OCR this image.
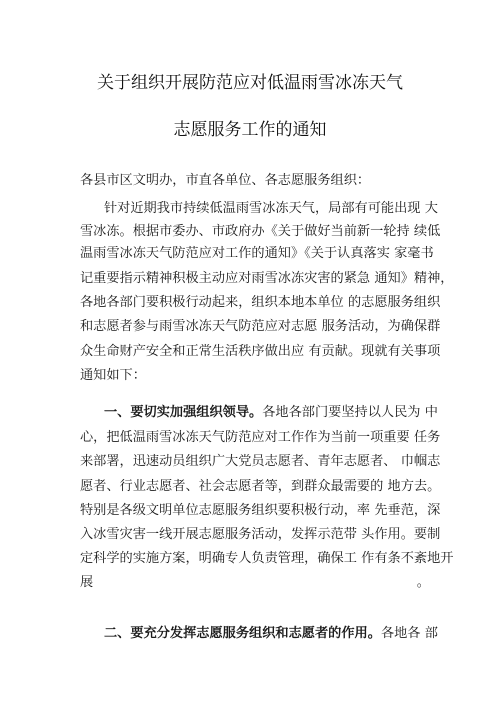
关于组织开展防范应对低温雨雪冰冻天气
志愿服务工作的通知
各县市区文明办，市直各单位、各志愿服务组织：
针对近期我市持续低温雨雪冰冻天气，局部有可能出现 大
雪冰冻。根据市委办、市政府办《关于做好当前新一轮持 续低
温雨雪冰冻天气防范应对工作的通知》《关于认真落实 家毫书
记重要指示精神积极主动应对雨雪冰冻灾害的紧急 通知》精神，
各地各部门要积极行动起来，组织本地本单位 的志愿服务组织
和志愿者参与雨雪冰冻天气防范应对志愿 服务活动，为确保群
众生命财产安全和正常生活秩序做出应 有贡献。现就有关事项
通知如下：
一、要切实加强组织领导。各地各部门要坚持以人民为 中
心，把低温雨雪冰冻天气防范应对工作作为当前一项重要 任务
来部署，迅速动员组织广大党员志愿者、青年志愿者、 巾帼志
愿者、行业志愿者、社会志愿者等，到群众最需要的 地方去。
特别是各级文明单位志愿服务组织要积极行动，率 先垂范，深
入冰雪灾害一线开展志愿服务活动，发挥示范带 头作用。要制
定科学的实施方案，明确专人负责管理，确保工 作有条不紊地开
展。
二、要充分发挥志愿服务组织和志愿者的作用。各地各 部
